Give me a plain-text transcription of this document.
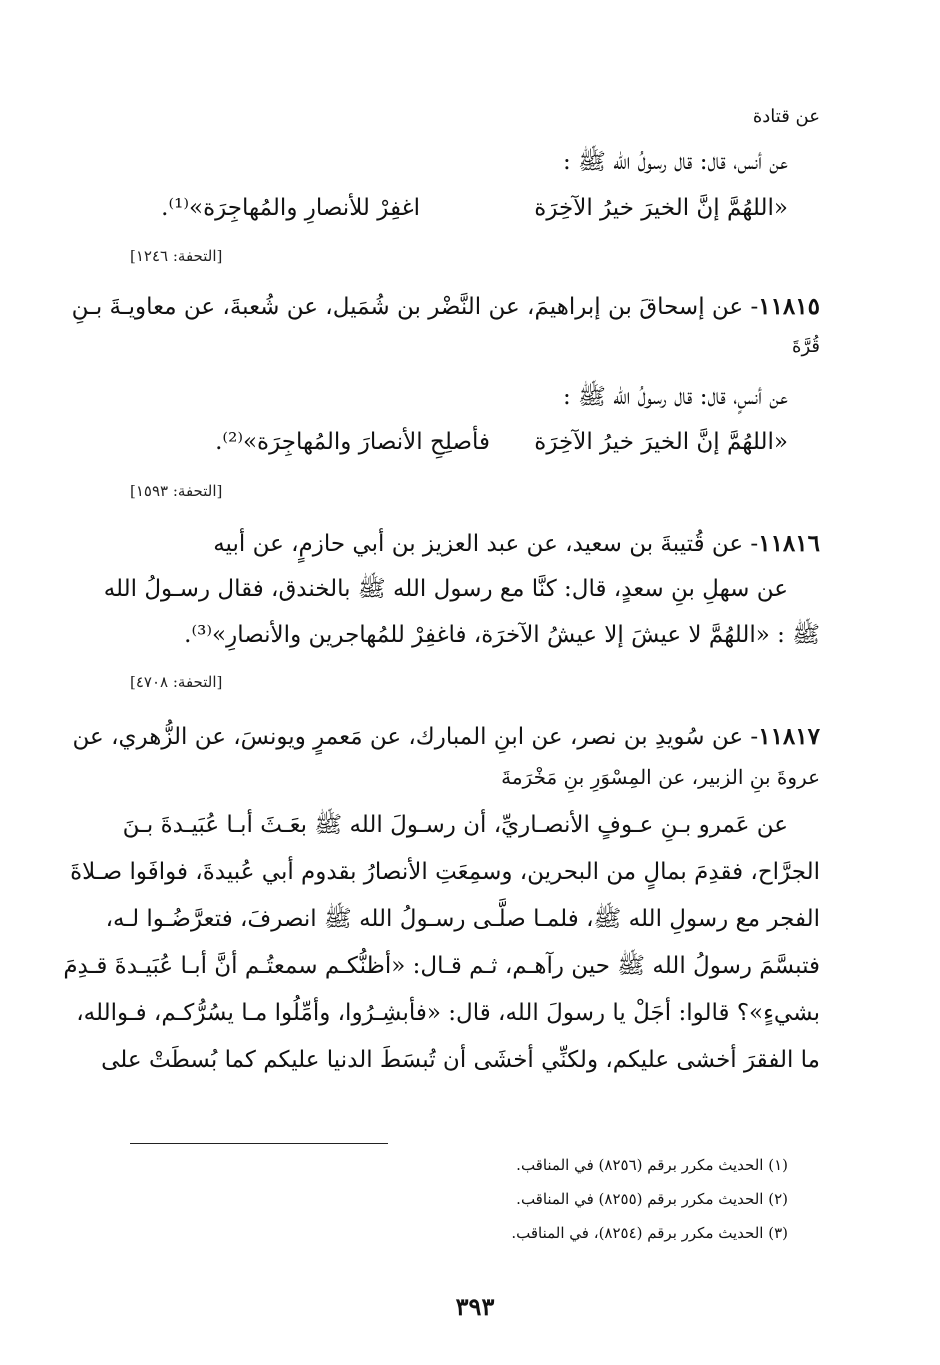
عن قتادة
عن أنس، قال: قال رسولُ الله ﷺ :
«اللهُمَّ إنَّ الخيرَ خيرُ الآخِرَة
اغفِرْ للأنصارِ والمُهاجِرَة»⁽¹⁾.
[التحفة: ١٢٤٦]
١١٨١٥- عن إسحاقَ بن إبراهيمَ، عن النَّضْر بن شُمَيل، عن شُعبةَ، عن معاويـةَ بـنِ
قُرَّةَ
عن أنسٍ، قال: قال رسولُ الله ﷺ :
«اللهُمَّ إنَّ الخيرَ خيرُ الآخِرَة
فأصلِحِ الأنصارَ والمُهاجِرَة»⁽²⁾.
[التحفة: ١٥٩٣]
١١٨١٦- عن قُتيبةَ بن سعيد، عن عبد العزيز بن أبي حازمٍ، عن أبيه
عن سهلِ بنِ سعدٍ، قال: كنَّا مع رسول الله ﷺ بالخندق، فقال رسـولُ الله
ﷺ : «اللهُمَّ لا عيشَ إلا عيشُ الآخرَة، فاغفِرْ للمُهاجرين والأنصارِ»⁽³⁾.
[التحفة: ٤٧٠٨]
١١٨١٧- عن سُويدِ بن نصر، عن ابنِ المبارك، عن مَعمرٍ ويونسَ، عن الزُّهري، عن
عروةَ بنِ الزبير، عن المِسْوَرِ بنِ مَخْرَمةَ
عن عَمرو بـنِ عـوفٍ الأنصـاريِّ، أن رسـولَ الله ﷺ بعَـثَ أبـا عُبَيـدةَ بـنَ
الجرَّاح، فقدِمَ بمالٍ من البحرين، وسمِعَتِ الأنصارُ بقدوم أبي عُبيدةَ، فوافَوا صـلاةَ
الفجر مع رسولِ الله ﷺ، فلمـا صلَّـى رسـولُ الله ﷺ انصرفَ، فتعرَّضُـوا لـه،
فتبسَّمَ رسولُ الله ﷺ حين رآهـم، ثـم قـال: «أظنُّكـم سمعتُـم أنَّ أبـا عُبَيـدةَ قـدِمَ
بشيءٍ»؟ قالوا: أجَلْ يا رسولَ الله، قال: «فأبشِـرُوا، وأمِّلُوا مـا يسُرُّكـم، فـوالله،
ما الفقرَ أخشى عليكم، ولكنِّي أخشَى أن تُبسَطَ الدنيا عليكم كما بُسطَتْ على
(١) الحديث مكرر برقم (٨٢٥٦) في المناقب.
(٢) الحديث مكرر برقم (٨٢٥٥) في المناقب.
(٣) الحديث مكرر برقم (٨٢٥٤)، في المناقب.
٣٩٣
